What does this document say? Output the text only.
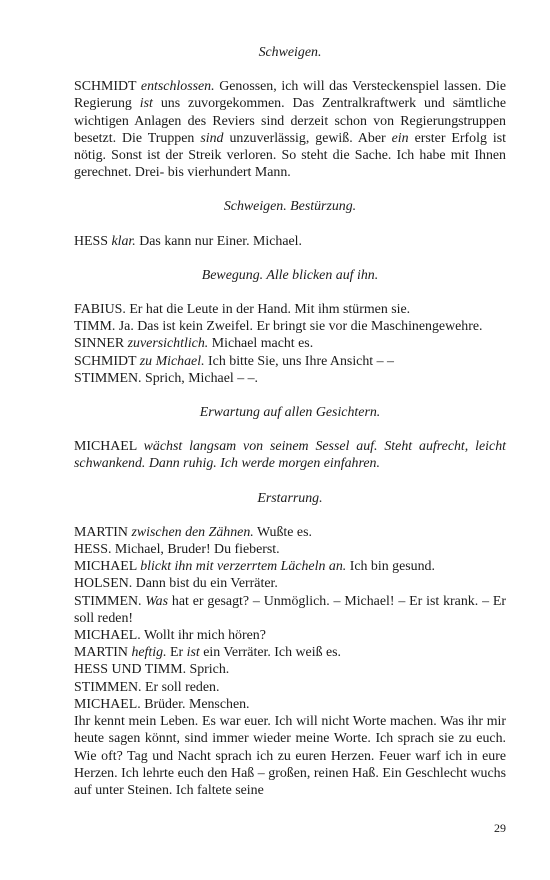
Schweigen.

SCHMIDT entschlossen. Genossen, ich will das Versteckenspiel lassen. Die Regierung ist uns zuvorgekommen. Das Zentralkraftwerk und sämtliche wichtigen Anlagen des Reviers sind derzeit schon von Regierungstruppen besetzt. Die Truppen sind unzuverlässig, gewiß. Aber ein erster Erfolg ist nötig. Sonst ist der Streik verloren. So steht die Sache. Ich habe mit Ihnen gerechnet. Drei- bis vierhundert Mann.

Schweigen. Bestürzung.

HESS klar. Das kann nur Einer. Michael.

Bewegung. Alle blicken auf ihn.

FABIUS. Er hat die Leute in der Hand. Mit ihm stürmen sie.

TIMM. Ja. Das ist kein Zweifel. Er bringt sie vor die Maschinengewehre.

SINNER zuversichtlich. Michael macht es.

SCHMIDT zu Michael. Ich bitte Sie, uns Ihre Ansicht – –

STIMMEN. Sprich, Michael – –.

Erwartung auf allen Gesichtern.

MICHAEL wächst langsam von seinem Sessel auf. Steht aufrecht, leicht schwankend. Dann ruhig. Ich werde morgen einfahren.

Erstarrung.

MARTIN zwischen den Zähnen. Wußte es.

HESS. Michael, Bruder! Du fieberst.

MICHAEL blickt ihn mit verzerrtem Lächeln an. Ich bin gesund.

HOLSEN. Dann bist du ein Verräter.

STIMMEN. Was hat er gesagt? – Unmöglich. – Michael! – Er ist krank. – Er soll reden!

MICHAEL. Wollt ihr mich hören?

MARTIN heftig. Er ist ein Verräter. Ich weiß es.

HESS UND TIMM. Sprich.

STIMMEN. Er soll reden.

MICHAEL. Brüder. Menschen.

Ihr kennt mein Leben. Es war euer. Ich will nicht Worte machen. Was ihr mir heute sagen könnt, sind immer wieder meine Worte. Ich sprach sie zu euch. Wie oft? Tag und Nacht sprach ich zu euren Herzen. Feuer warf ich in eure Herzen. Ich lehrte euch den Haß – großen, reinen Haß. Ein Geschlecht wuchs auf unter Steinen. Ich faltete seine

29
